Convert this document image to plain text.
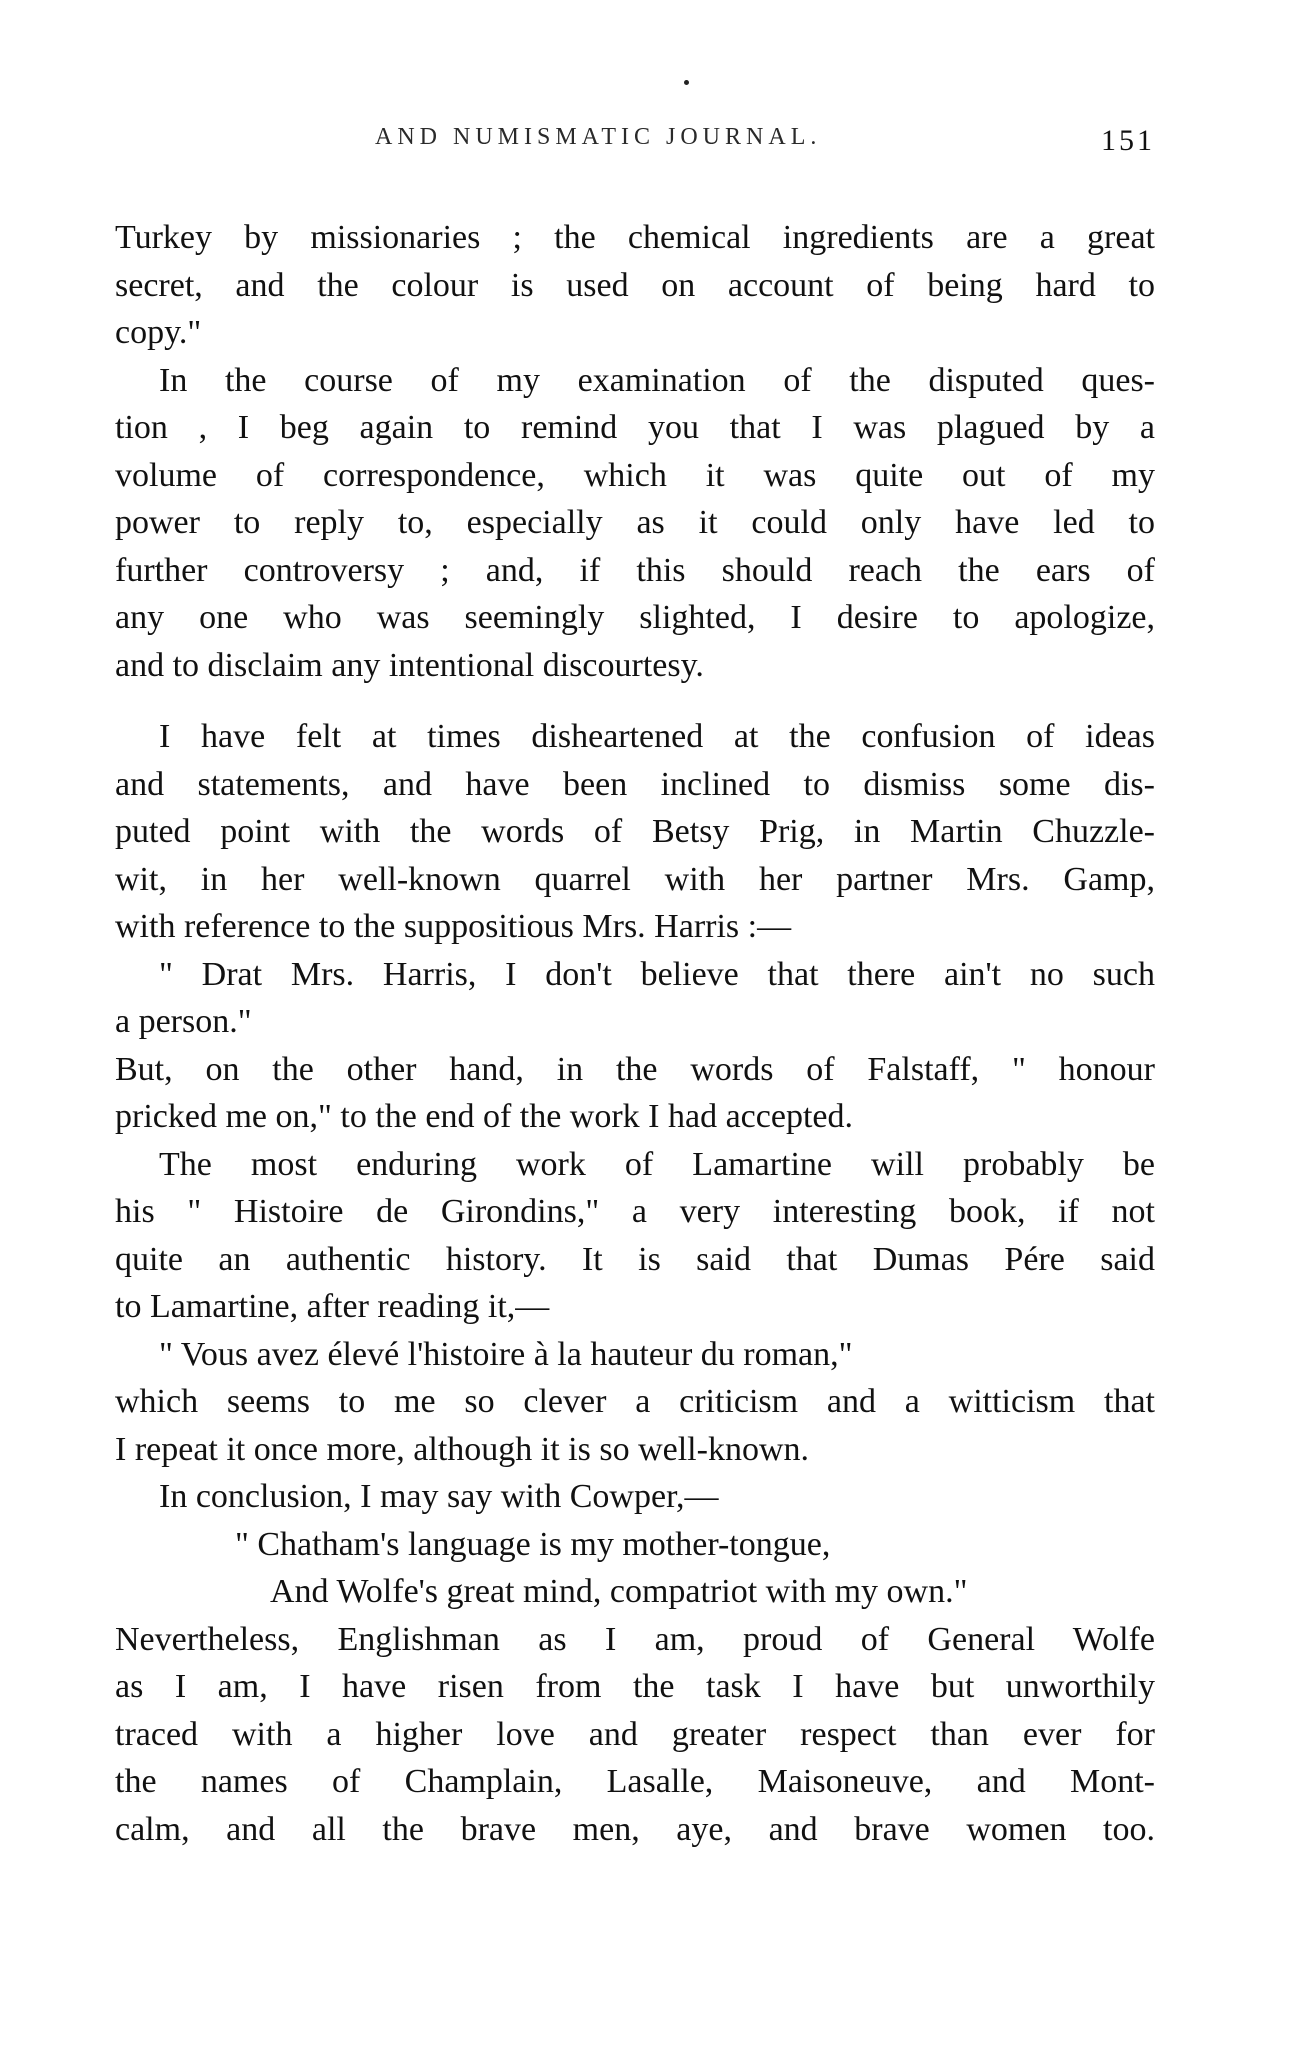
AND NUMISMATIC JOURNAL.	151
Turkey by missionaries ; the chemical ingredients are a great
secret, and the colour is used on account of being hard to
copy."
In the course of my examination of the disputed ques-
tion , I beg again to remind you that I was plagued by a
volume of correspondence, which it was quite out of my
power to reply to, especially as it could only have led to
further controversy ; and, if this should reach the ears of
any one who was seemingly slighted, I desire to apologize,
and to disclaim any intentional discourtesy.
I have felt at times disheartened at the confusion of ideas
and statements, and have been inclined to dismiss some dis-
puted point with the words of Betsy Prig, in Martin Chuzzle-
wit, in her well-known quarrel with her partner Mrs. Gamp,
with reference to the suppositious Mrs. Harris :—
" Drat Mrs. Harris, I don't believe that there ain't no such
a person."
But, on the other hand, in the words of Falstaff, " honour
pricked me on," to the end of the work I had accepted.
The most enduring work of Lamartine will probably be
his " Histoire de Girondins," a very interesting book, if not
quite an authentic history. It is said that Dumas Pére said
to Lamartine, after reading it,—
" Vous avez élevé l'histoire à la hauteur du roman,"
which seems to me so clever a criticism and a witticism that
I repeat it once more, although it is so well-known.
In conclusion, I may say with Cowper,—
" Chatham's language is my mother-tongue,
And Wolfe's great mind, compatriot with my own."
Nevertheless, Englishman as I am, proud of General Wolfe
as I am, I have risen from the task I have but unworthily
traced with a higher love and greater respect than ever for
the names of Champlain, Lasalle, Maisoneuve, and Mont-
calm, and all the brave men, aye, and brave women too.
